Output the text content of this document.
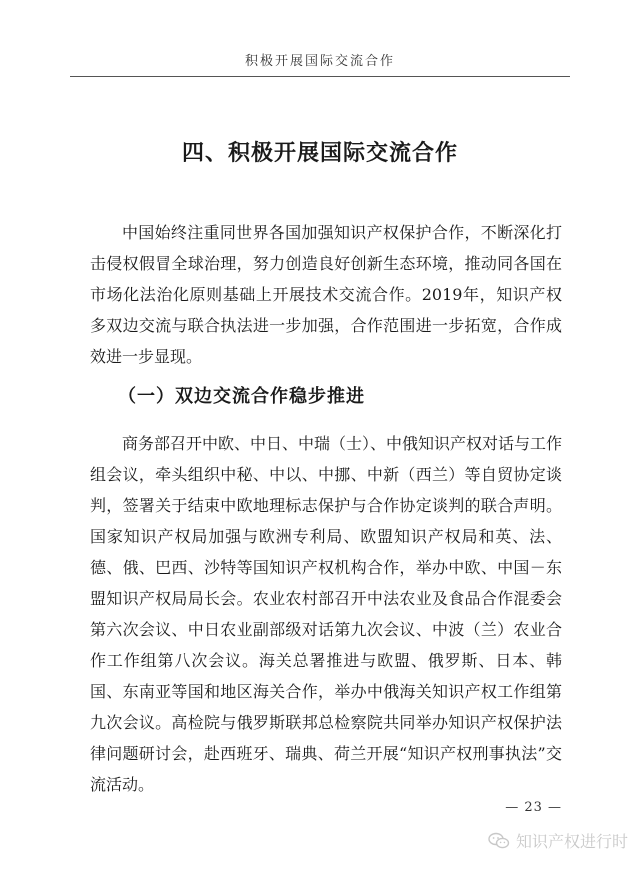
积极开展国际交流合作
四、积极开展国际交流合作

中国始终注重同世界各国加强知识产权保护合作，不断深化打击侵权假冒全球治理，努力创造良好创新生态环境，推动同各国在市场化法治化原则基础上开展技术交流合作。2019年，知识产权多双边交流与联合执法进一步加强，合作范围进一步拓宽，合作成效进一步显现。

（一）双边交流合作稳步推进

商务部召开中欧、中日、中瑞（士）、中俄知识产权对话与工作组会议，牵头组织中秘、中以、中挪、中新（西兰）等自贸协定谈判，签署关于结束中欧地理标志保护与合作协定谈判的联合声明。国家知识产权局加强与欧洲专利局、欧盟知识产权局和英、法、德、俄、巴西、沙特等国知识产权机构合作，举办中欧、中国－东盟知识产权局局长会。农业农村部召开中法农业及食品合作混委会第六次会议、中日农业副部级对话第九次会议、中波（兰）农业合作工作组第八次会议。海关总署推进与欧盟、俄罗斯、日本、韩国、东南亚等国和地区海关合作，举办中俄海关知识产权工作组第九次会议。高检院与俄罗斯联邦总检察院共同举办知识产权保护法律问题研讨会，赴西班牙、瑞典、荷兰开展“知识产权刑事执法”交流活动。

— 23 —
知识产权进行时
